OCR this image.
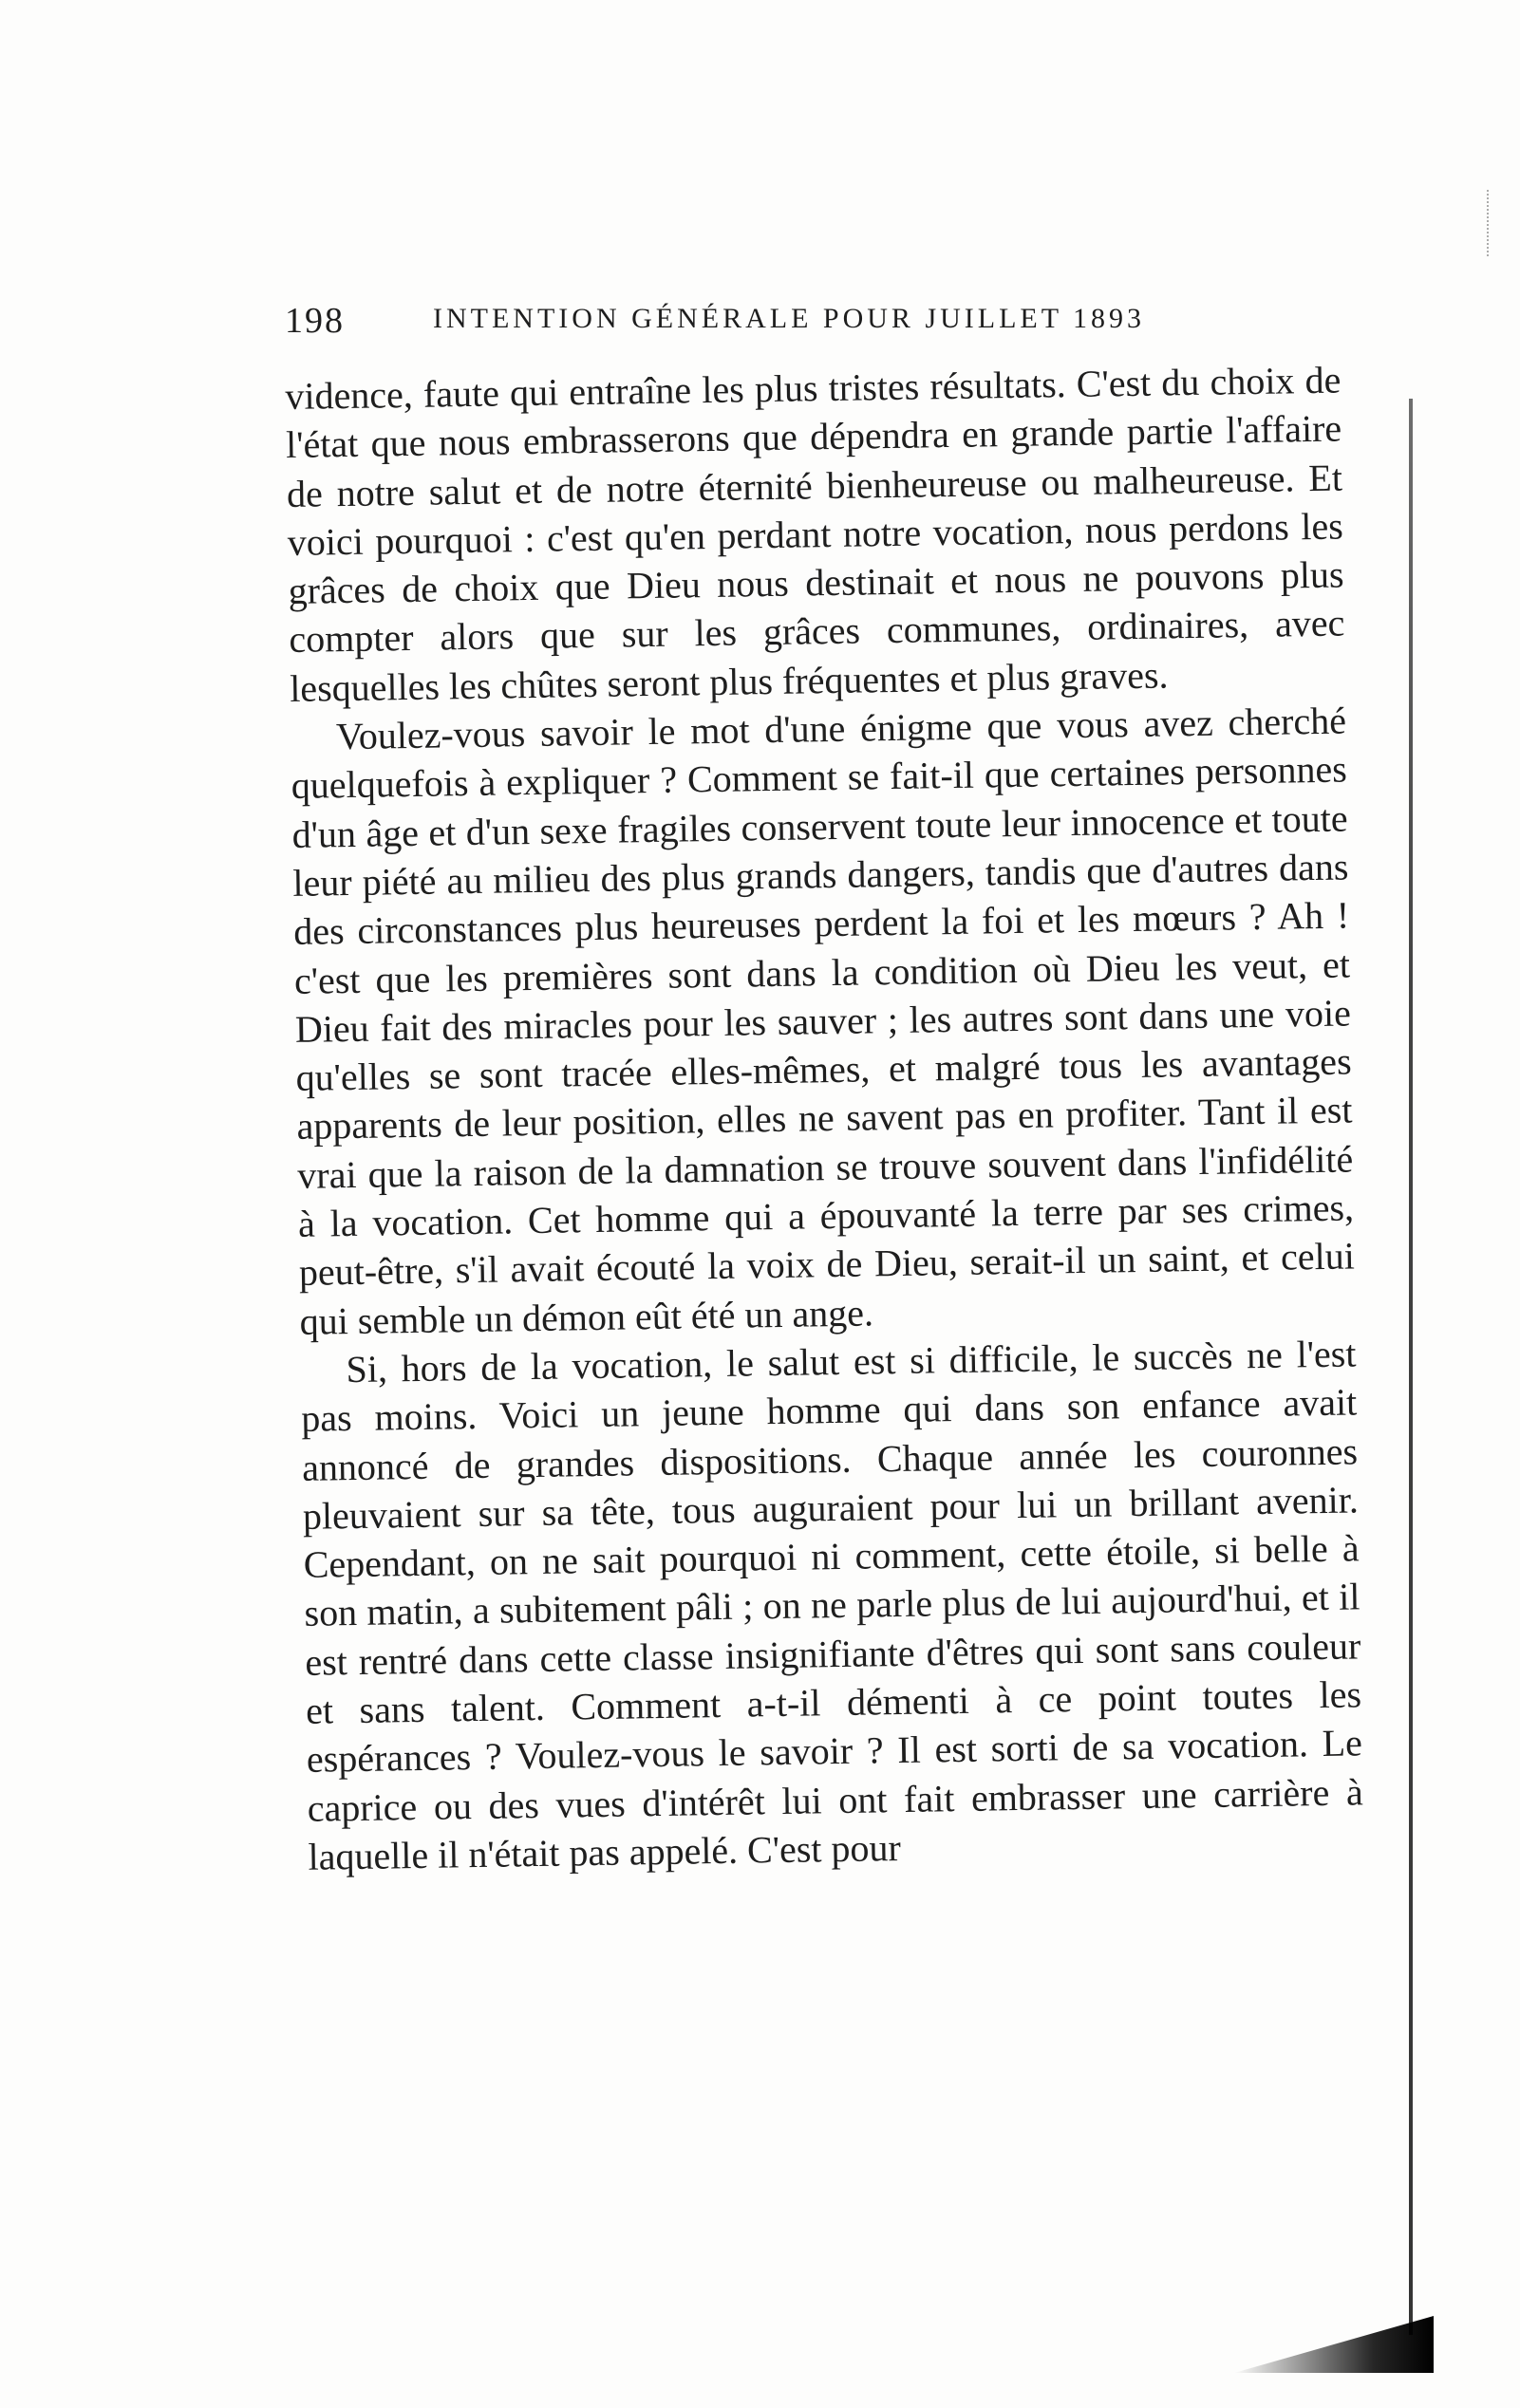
198	INTENTION GÉNÉRALE POUR JUILLET 1893

vidence, faute qui entraîne les plus tristes résultats. C'est du choix de l'état que nous embrasserons que dépendra en grande partie l'affaire de notre salut et de notre éternité bienheureuse ou malheureuse. Et voici pourquoi : c'est qu'en perdant notre vocation, nous perdons les grâces de choix que Dieu nous destinait et nous ne pouvons plus compter alors que sur les grâces communes, ordinaires, avec lesquelles les chûtes seront plus fréquentes et plus graves.

Voulez-vous savoir le mot d'une énigme que vous avez cherché quelquefois à expliquer ? Comment se fait-il que certaines personnes d'un âge et d'un sexe fragiles conservent toute leur innocence et toute leur piété au milieu des plus grands dangers, tandis que d'autres dans des circonstances plus heureuses perdent la foi et les mœurs ? Ah ! c'est que les premières sont dans la condition où Dieu les veut, et Dieu fait des miracles pour les sauver ; les autres sont dans une voie qu'elles se sont tracée elles-mêmes, et malgré tous les avantages apparents de leur position, elles ne savent pas en profiter. Tant il est vrai que la raison de la damnation se trouve souvent dans l'infidélité à la vocation. Cet homme qui a épouvanté la terre par ses crimes, peut-être, s'il avait écouté la voix de Dieu, serait-il un saint, et celui qui semble un démon eût été un ange.

Si, hors de la vocation, le salut est si difficile, le succès ne l'est pas moins. Voici un jeune homme qui dans son enfance avait annoncé de grandes dispositions. Chaque année les couronnes pleuvaient sur sa tête, tous auguraient pour lui un brillant avenir. Cependant, on ne sait pourquoi ni comment, cette étoile, si belle à son matin, a subitement pâli ; on ne parle plus de lui aujourd'hui, et il est rentré dans cette classe insignifiante d'êtres qui sont sans couleur et sans talent. Comment a-t-il démenti à ce point toutes les espérances ? Voulez-vous le savoir ? Il est sorti de sa vocation. Le caprice ou des vues d'intérêt lui ont fait embrasser une carrière à laquelle il n'était pas appelé. C'est pour
